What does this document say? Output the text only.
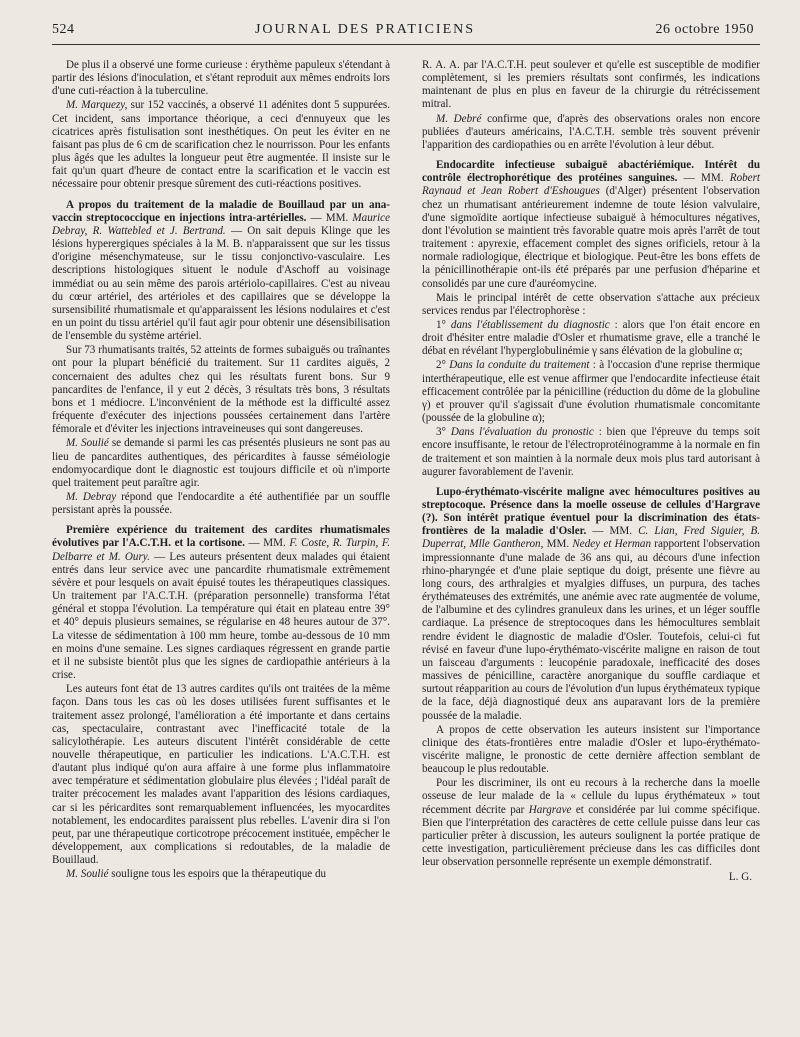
524	JOURNAL DES PRATICIENS	26 octobre 1950

De plus il a observé une forme curieuse : érythème papuleux s'étendant à partir des lésions d'inoculation, et s'étant reproduit aux mêmes endroits lors d'une cuti-réaction à la tuberculine.

M. Marquezy, sur 152 vaccinés, a observé 11 adénites dont 5 suppurées. Cet incident, sans importance théorique, a ceci d'ennuyeux que les cicatrices après fistulisation sont inesthétiques. On peut les éviter en ne faisant pas plus de 6 cm de scarification chez le nourrisson. Pour les enfants plus âgés que les adultes la longueur peut être augmentée. Il insiste sur le fait qu'un quart d'heure de contact entre la scarification et le vaccin est nécessaire pour obtenir presque sûrement des cuti-réactions positives.

A propos du traitement de la maladie de Bouillaud par un ana-vaccin streptococcique en injections intra-artérielles. — MM. Maurice Debray, R. Wattebled et J. Bertrand. — On sait depuis Klinge que les lésions hyperergiques spéciales à la M. B. n'apparaissent que sur les tissus d'origine mésenchymateuse, sur le tissu conjonctivo-vasculaire. Les descriptions histologiques situent le nodule d'Aschoff au voisinage immédiat ou au sein même des parois artériolo-capillaires. C'est au niveau du cœur artériel, des artérioles et des capillaires que se développe la sursensibilité rhumatismale et qu'apparaissent les lésions nodulaires et c'est en un point du tissu artériel qu'il faut agir pour obtenir une désensibilisation de l'ensemble du système artériel.

Sur 73 rhumatisants traités, 52 atteints de formes subaiguës ou traînantes ont pour la plupart bénéficié du traitement. Sur 11 cardites aiguës, 2 concernaient des adultes chez qui les résultats furent bons. Sur 9 pancardites de l'enfance, il y eut 2 décès, 3 résultats très bons, 3 résultats bons et 1 médiocre. L'inconvénient de la méthode est la difficulté assez fréquente d'exécuter des injections poussées certainement dans l'artère fémorale et d'éviter les injections intraveineuses qui sont dangereuses.

M. Soulié se demande si parmi les cas présentés plusieurs ne sont pas au lieu de pancardites authentiques, des péricardites à fausse séméiologie endomyocardique dont le diagnostic est toujours difficile et où n'importe quel traitement peut paraître agir.

M. Debray répond que l'endocardite a été authentifiée par un souffle persistant après la poussée.

Première expérience du traitement des cardites rhumatismales évolutives par l'A.C.T.H. et la cortisone. — MM. F. Coste, R. Turpin, F. Delbarre et M. Oury. — Les auteurs présentent deux malades qui étaient entrés dans leur service avec une pancardite rhumatismale extrêmement sévère et pour lesquels on avait épuisé toutes les thérapeutiques classiques. Un traitement par l'A.C.T.H. (préparation personnelle) transforma l'état général et stoppa l'évolution. La température qui était en plateau entre 39° et 40° depuis plusieurs semaines, se régularise en 48 heures autour de 37°. La vitesse de sédimentation à 100 mm heure, tombe au-dessous de 10 mm en moins d'une semaine. Les signes cardiaques régressent en grande partie et il ne subsiste bientôt plus que les signes de cardiopathie antérieurs à la crise.

Les auteurs font état de 13 autres cardites qu'ils ont traitées de la même façon. Dans tous les cas où les doses utilisées furent suffisantes et le traitement assez prolongé, l'amélioration a été importante et dans certains cas, spectaculaire, contrastant avec l'inefficacité totale de la salicylothérapie. Les auteurs discutent l'intérêt considérable de cette nouvelle thérapeutique, en particulier les indications. L'A.C.T.H. est d'autant plus indiqué qu'on aura affaire à une forme plus inflammatoire avec température et sédimentation globulaire plus élevées ; l'idéal paraît de traiter précocement les malades avant l'apparition des lésions cardiaques, car si les péricardites sont remarquablement influencées, les myocardites notablement, les endocardites paraissent plus rebelles. L'avenir dira si l'on peut, par une thérapeutique corticotrope précocement instituée, empêcher le développement, aux complications si redoutables, de la maladie de Bouillaud.

M. Soulié souligne tous les espoirs que la thérapeutique du

R. A. A. par l'A.C.T.H. peut soulever et qu'elle est susceptible de modifier complètement, si les premiers résultats sont confirmés, les indications maintenant de plus en plus en faveur de la chirurgie du rétrécissement mitral.

M. Debré confirme que, d'après des observations orales non encore publiées d'auteurs américains, l'A.C.T.H. semble très souvent prévenir l'apparition des cardiopathies ou en arrête l'évolution à leur début.

Endocardite infectieuse subaiguë abactériémique. Intérêt du contrôle électrophorétique des protéines sanguines. — MM. Robert Raynaud et Jean Robert d'Eshougues (d'Alger) présentent l'observation chez un rhumatisant antérieurement indemne de toute lésion valvulaire, d'une sigmoïdite aortique infectieuse subaiguë à hémocultures négatives, dont l'évolution se maintient très favorable quatre mois après l'arrêt de tout traitement : apyrexie, effacement complet des signes orificiels, retour à la normale radiologique, électrique et biologique. Peut-être les bons effets de la pénicillinothérapie ont-ils été préparés par une perfusion d'héparine et consolidés par une cure d'auréomycine.

Mais le principal intérêt de cette observation s'attache aux précieux services rendus par l'électrophorèse :

1° dans l'établissement du diagnostic : alors que l'on était encore en droit d'hésiter entre maladie d'Osler et rhumatisme grave, elle a tranché le débat en révélant l'hyperglobulinémie γ sans élévation de la globuline α;

2° Dans la conduite du traitement : à l'occasion d'une reprise thermique interthérapeutique, elle est venue affirmer que l'endocardite infectieuse était efficacement contrôlée par la pénicilline (réduction du dôme de la globuline γ) et prouver qu'il s'agissait d'une évolution rhumatismale concomitante (poussée de la globuline α);

3° Dans l'évaluation du pronostic : bien que l'épreuve du temps soit encore insuffisante, le retour de l'électroprotéinogramme à la normale en fin de traitement et son maintien à la normale deux mois plus tard autorisant à augurer favorablement de l'avenir.

Lupo-érythémato-viscérite maligne avec hémocultures positives au streptocoque. Présence dans la moelle osseuse de cellules d'Hargrave (?). Son intérêt pratique éventuel pour la discrimination des états-frontières de la maladie d'Osler. — MM. C. Lian, Fred Siguier, B. Duperrat, Mlle Gantheron, MM. Nedey et Herman rapportent l'observation impressionnante d'une malade de 36 ans qui, au décours d'une infection rhino-pharyngée et d'une plaie septique du doigt, présente une fièvre au long cours, des arthralgies et myalgies diffuses, un purpura, des taches érythémateuses des extrémités, une anémie avec rate augmentée de volume, de l'albumine et des cylindres granuleux dans les urines, et un léger souffle cardiaque. La présence de streptocoques dans les hémocultures semblait rendre évident le diagnostic de maladie d'Osler. Toutefois, celui-ci fut révisé en faveur d'une lupo-érythémato-viscérite maligne en raison de tout un faisceau d'arguments : leucopénie paradoxale, inefficacité des doses massives de pénicilline, caractère anorganique du souffle cardiaque et surtout réapparition au cours de l'évolution d'un lupus érythémateux typique de la face, déjà diagnostiqué deux ans auparavant lors de la première poussée de la maladie.

A propos de cette observation les auteurs insistent sur l'importance clinique des états-frontières entre maladie d'Osler et lupo-érythémato-viscérite maligne, le pronostic de cette dernière affection semblant de beaucoup le plus redoutable.

Pour les discriminer, ils ont eu recours à la recherche dans la moelle osseuse de leur malade de la « cellule du lupus érythémateux » tout récemment décrite par Hargrave et considérée par lui comme spécifique. Bien que l'interprétation des caractères de cette cellule puisse dans leur cas particulier prêter à discussion, les auteurs soulignent la portée pratique de cette investigation, particulièrement précieuse dans les cas difficiles dont leur observation personnelle représente un exemple démonstratif.

L. G.
